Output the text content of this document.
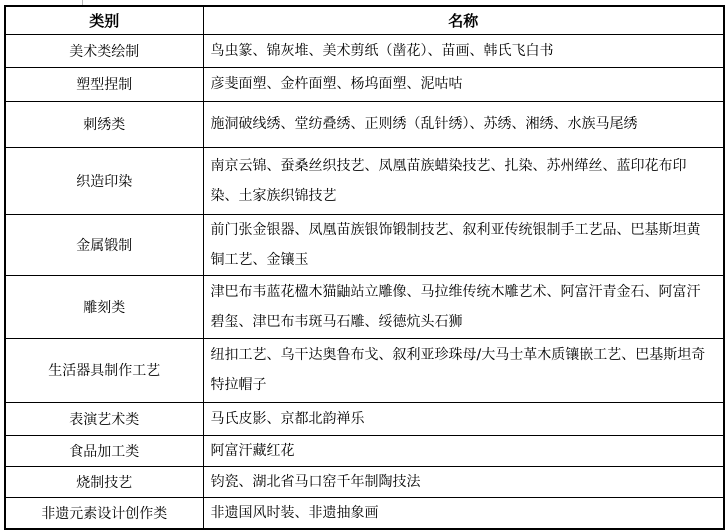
类别	名称
美术类绘制	鸟虫篆、锦灰堆、美术剪纸（凿花）、苗画、韩氏飞白书
塑型捏制	彦斐面塑、金杵面塑、杨坞面塑、泥咕咕
刺绣类	施洞破线绣、堂纺叠绣、正则绣（乱针绣）、苏绣、湘绣、水族马尾绣
织造印染	南京云锦、蚕桑丝织技艺、凤凰苗族蜡染技艺、扎染、苏州缂丝、蓝印花布印染、土家族织锦技艺
金属锻制	前门张金银器、凤凰苗族银饰锻制技艺、叙利亚传统银制手工艺品、巴基斯坦黄铜工艺、金镶玉
雕刻类	津巴布韦蓝花楹木猫鼬站立雕像、马拉维传统木雕艺术、阿富汗青金石、阿富汗碧玺、津巴布韦斑马石雕、绥德炕头石狮
生活器具制作工艺	纽扣工艺、乌干达奥鲁布戈、叙利亚珍珠母/大马士革木质镶嵌工艺、巴基斯坦奇特拉帽子
表演艺术类	马氏皮影、京都北韵禅乐
食品加工类	阿富汗藏红花
烧制技艺	钧瓷、湖北省马口窑千年制陶技法
非遗元素设计创作类	非遗国风时装、非遗抽象画
